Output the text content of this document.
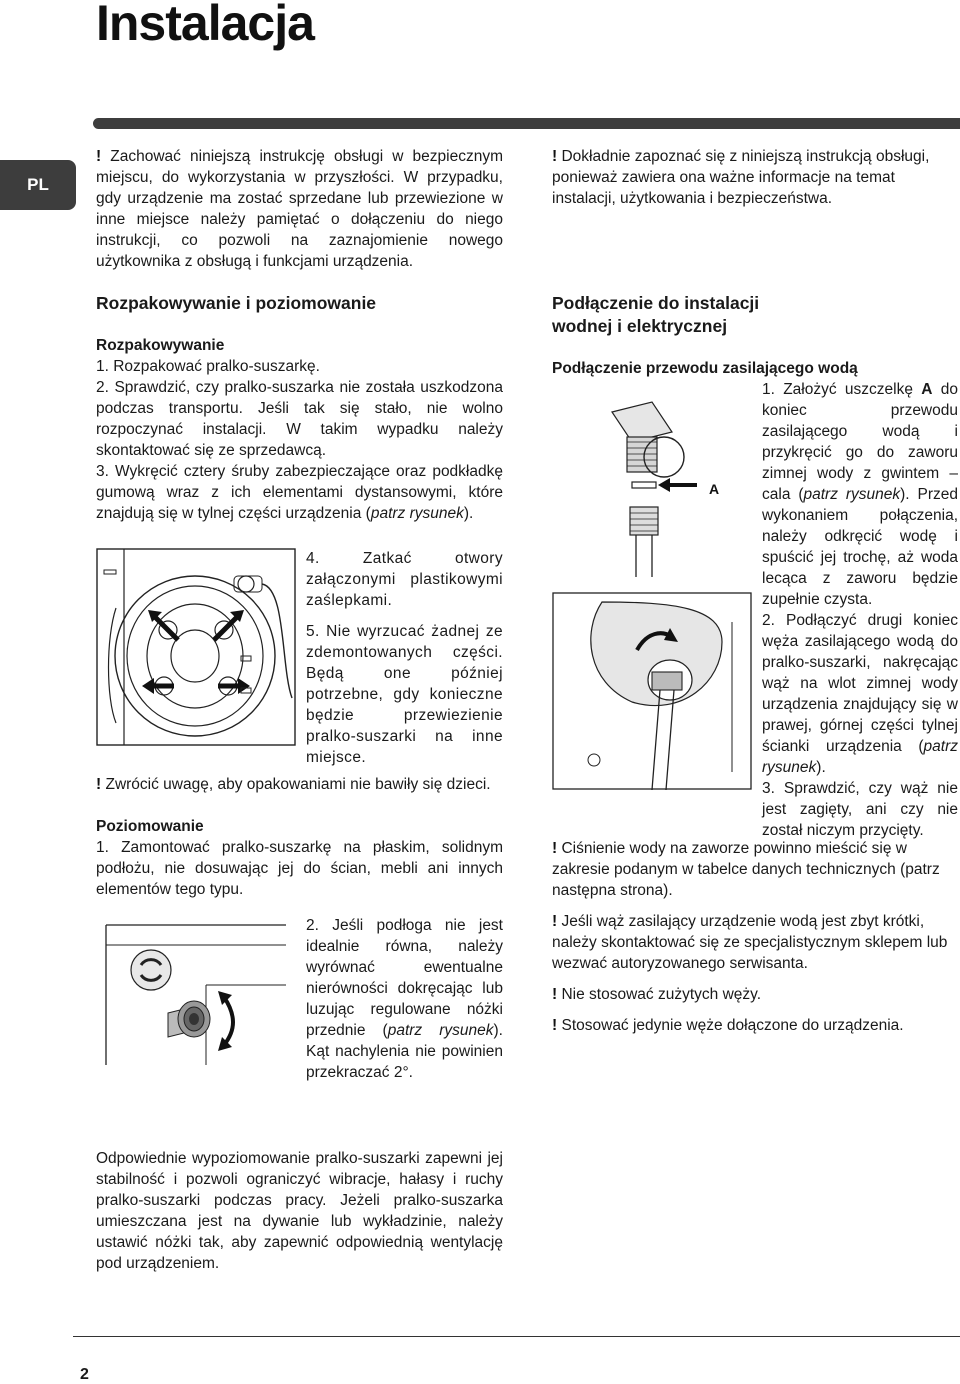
Instalacja
PL

! Zachować niniejszą instrukcję obsługi w bezpiecznym miejscu, do wykorzystania w przyszłości. W przypadku, gdy urządzenie ma zostać sprzedane lub przewiezione w inne miejsce należy pamiętać o dołączeniu do niego instrukcji, co pozwoli na zaznajomienie nowego użytkownika z obsługą i funkcjami urządzenia.

Rozpakowywanie i poziomowanie
Rozpakowywanie

1. Rozpakować pralko-suszarkę.

2. Sprawdzić, czy pralko-suszarka nie została uszkodzona podczas transportu. Jeśli tak się stało, nie wolno rozpoczynać instalacji. W takim wypadku należy skontaktować się ze sprzedawcą.

3. Wykręcić cztery śruby zabezpieczające oraz podkładkę gumową wraz z ich elementami dystansowymi, które znajdują się w tylnej części urządzenia (patrz rysunek).

4. Zatkać otwory załączonymi plastikowymi zaślepkami.

5. Nie wyrzucać żadnej ze zdemontowanych części. Będą one później potrzebne, gdy konieczne będzie przewiezienie pralko-suszarki na inne miejsce.

! Zwrócić uwagę, aby opakowaniami nie bawiły się dzieci.

Poziomowanie

1. Zamontować pralko-suszarkę na płaskim, solidnym podłożu, nie dosuwając jej do ścian, mebli ani innych elementów tego typu.

2. Jeśli podłoga nie jest idealnie równa, należy wyrównać ewentualne nierówności dokręcając lub luzując regulowane nóżki przednie (patrz rysunek). Kąt nachylenia nie powinien przekraczać 2°.

Odpowiednie wypoziomowanie pralko-suszarki zapewni jej stabilność i pozwoli ograniczyć wibracje, hałasy i ruchy pralko-suszarki podczas pracy. Jeżeli pralko-suszarka umieszczana jest na dywanie lub wykładzinie, należy ustawić nóżki tak, aby zapewnić odpowiednią wentylację pod urządzeniem.

! Dokładnie zapoznać się z niniejszą instrukcją obsługi, ponieważ zawiera ona ważne informacje na temat instalacji, użytkowania i bezpieczeństwa.

Podłączenie do instalacji
wodnej i elektrycznej
Podłączenie przewodu zasilającego wodą
A

1. Założyć uszczelkę A do koniec przewodu zasilającego wodą i przykręcić go do zaworu zimnej wody z gwintem – cala (patrz rysunek). Przed wykonaniem połączenia, należy odkręcić wodę i spuścić jej trochę, aż woda lecąca z zaworu będzie zupełnie czysta.

2. Podłączyć drugi koniec węża zasilającego wodą do pralko-suszarki, nakręcając wąż na wlot zimnej wody urządzenia znajdujący się w prawej, górnej części tylnej ścianki urządzenia (patrz rysunek).

3. Sprawdzić, czy wąż nie jest zagięty, ani czy nie został niczym przycięty.

! Ciśnienie wody na zaworze powinno mieścić się w zakresie podanym w tabelce danych technicznych (patrz następna strona).

! Jeśli wąż zasilający urządzenie wodą jest zbyt krótki, należy skontaktować się ze specjalistycznym sklepem lub wezwać autoryzowanego serwisanta.

! Nie stosować zużytych węży.

! Stosować jedynie węże dołączone do urządzenia.

2
